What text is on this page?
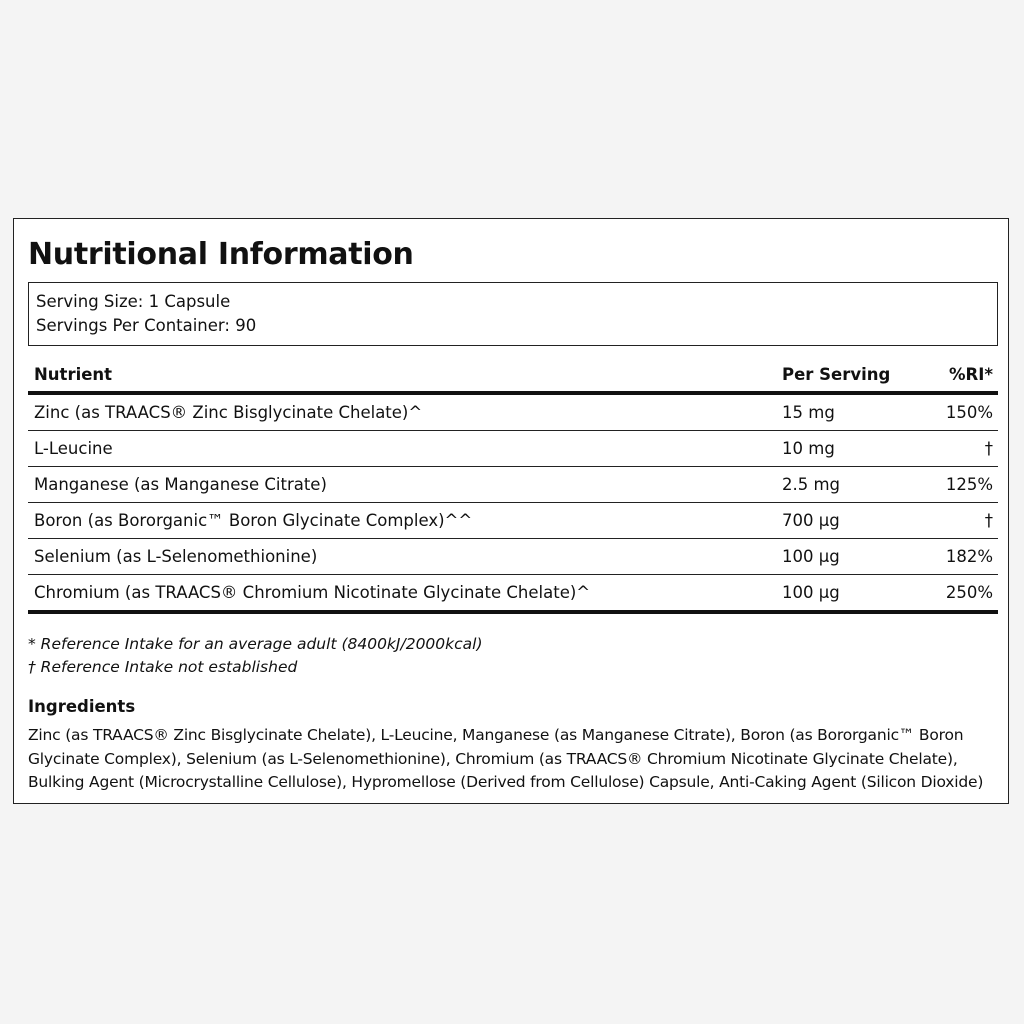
Nutritional Information
Serving Size: 1 Capsule
Servings Per Container: 90
Nutrient	Per Serving	%RI*
Zinc (as TRAACS® Zinc Bisglycinate Chelate)^	15 mg	150%
L-Leucine	10 mg	†
Manganese (as Manganese Citrate)	2.5 mg	125%
Boron (as Bororganic™ Boron Glycinate Complex)^^	700 µg	†
Selenium (as L-Selenomethionine)	100 µg	182%
Chromium (as TRAACS® Chromium Nicotinate Glycinate Chelate)^	100 µg	250%
* Reference Intake for an average adult (8400kJ/2000kcal)
† Reference Intake not established
Ingredients
Zinc (as TRAACS® Zinc Bisglycinate Chelate), L-Leucine, Manganese (as Manganese Citrate), Boron (as Bororganic™ Boron Glycinate Complex), Selenium (as L-Selenomethionine), Chromium (as TRAACS® Chromium Nicotinate Glycinate Chelate), Bulking Agent (Microcrystalline Cellulose), Hypromellose (Derived from Cellulose) Capsule, Anti-Caking Agent (Silicon Dioxide)
